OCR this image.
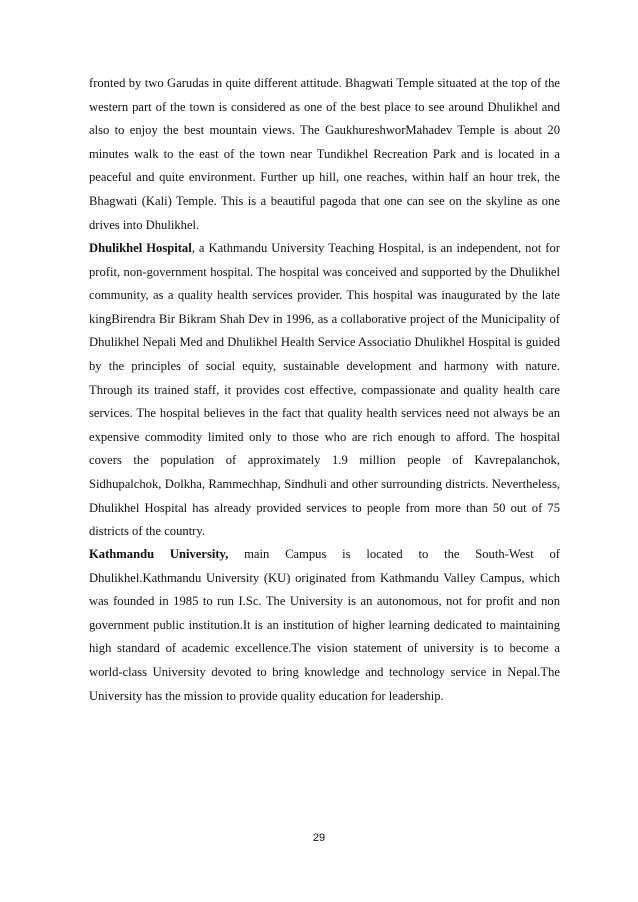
fronted by two Garudas in quite different attitude. Bhagwati Temple situated at the top of the western part of the town is considered as one of the best place to see around Dhulikhel and also to enjoy the best mountain views. The GaukhureshworMahadev Temple is about 20 minutes walk to the east of the town near Tundikhel Recreation Park and is located in a peaceful and quite environment. Further up hill, one reaches, within half an hour trek, the Bhagwati (Kali) Temple. This is a beautiful pagoda that one can see on the skyline as one drives into Dhulikhel.

Dhulikhel Hospital, a Kathmandu University Teaching Hospital, is an independent, not for profit, non-government hospital. The hospital was conceived and supported by the Dhulikhel community, as a quality health services provider. This hospital was inaugurated by the late kingBirendra Bir Bikram Shah Dev in 1996, as a collaborative project of the Municipality of Dhulikhel Nepali Med and Dhulikhel Health Service Associatio Dhulikhel Hospital is guided by the principles of social equity, sustainable development and harmony with nature. Through its trained staff, it provides cost effective, compassionate and quality health care services. The hospital believes in the fact that quality health services need not always be an expensive commodity limited only to those who are rich enough to afford. The hospital covers the population of approximately 1.9 million people of Kavrepalanchok, Sidhupalchok, Dolkha, Rammechhap, Sindhuli and other surrounding districts. Nevertheless, Dhulikhel Hospital has already provided services to people from more than 50 out of 75 districts of the country.

Kathmandu University, main Campus is located to the South-West of Dhulikhel.Kathmandu University (KU) originated from Kathmandu Valley Campus, which was founded in 1985 to run I.Sc. The University is an autonomous, not for profit and non government public institution.It is an institution of higher learning dedicated to maintaining high standard of academic excellence.The vision statement of university is to become a world-class University devoted to bring knowledge and technology service in Nepal.The University has the mission to provide quality education for leadership.

29
